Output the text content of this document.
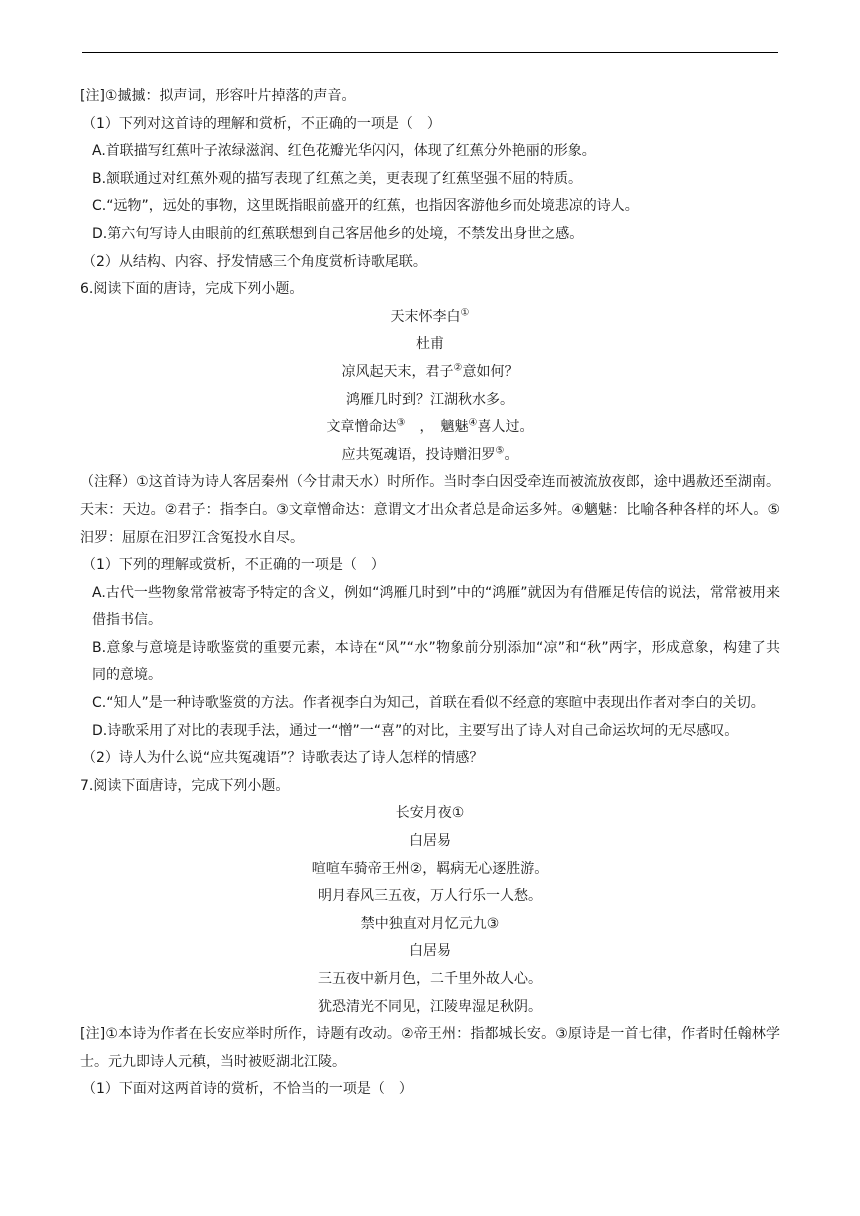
[注]①摵摵：拟声词，形容叶片掉落的声音。
（1）下列对这首诗的理解和赏析，不正确的一项是（　）
A.首联描写红蕉叶子浓绿滋润、红色花瓣光华闪闪，体现了红蕉分外艳丽的形象。
B.颔联通过对红蕉外观的描写表现了红蕉之美，更表现了红蕉坚强不屈的特质。
C.“远物”，远处的事物，这里既指眼前盛开的红蕉，也指因客游他乡而处境悲凉的诗人。
D.第六句写诗人由眼前的红蕉联想到自己客居他乡的处境，不禁发出身世之感。
（2）从结构、内容、抒发情感三个角度赏析诗歌尾联。
6.阅读下面的唐诗，完成下列小题。
天末怀李白①
杜甫
凉风起天末，君子②意如何？
鸿雁几时到？江湖秋水多。
文章憎命达③　，　魑魅④喜人过。
应共冤魂语，投诗赠汨罗⑤。
（注释）①这首诗为诗人客居秦州（今甘肃天水）时所作。当时李白因受牵连而被流放夜郎，途中遇赦还至湖南。天末：天边。②君子：指李白。③文章憎命达：意谓文才出众者总是命运多舛。④魑魅：比喻各种各样的坏人。⑤汨罗：屈原在汨罗江含冤投水自尽。
（1）下列的理解或赏析，不正确的一项是（　）
A.古代一些物象常常被寄予特定的含义，例如“鸿雁几时到”中的“鸿雁”就因为有借雁足传信的说法，常常被用来借指书信。
B.意象与意境是诗歌鉴赏的重要元素，本诗在“风”“水”物象前分别添加“凉”和“秋”两字，形成意象，构建了共同的意境。
C.“知人”是一种诗歌鉴赏的方法。作者视李白为知己，首联在看似不经意的寒暄中表现出作者对李白的关切。
D.诗歌采用了对比的表现手法，通过一“憎”一“喜”的对比，主要写出了诗人对自己命运坎坷的无尽感叹。
（2）诗人为什么说“应共冤魂语”？诗歌表达了诗人怎样的情感？
7.阅读下面唐诗，完成下列小题。
长安月夜①
白居易
喧喧车骑帝王州②，羁病无心逐胜游。
明月春风三五夜，万人行乐一人愁。
禁中独直对月忆元九③
白居易
三五夜中新月色，二千里外故人心。
犹恐清光不同见，江陵卑湿足秋阴。
[注]①本诗为作者在长安应举时所作，诗题有改动。②帝王州：指都城长安。③原诗是一首七律，作者时任翰林学士。元九即诗人元稹，当时被贬湖北江陵。
（1）下面对这两首诗的赏析，不恰当的一项是（　）
